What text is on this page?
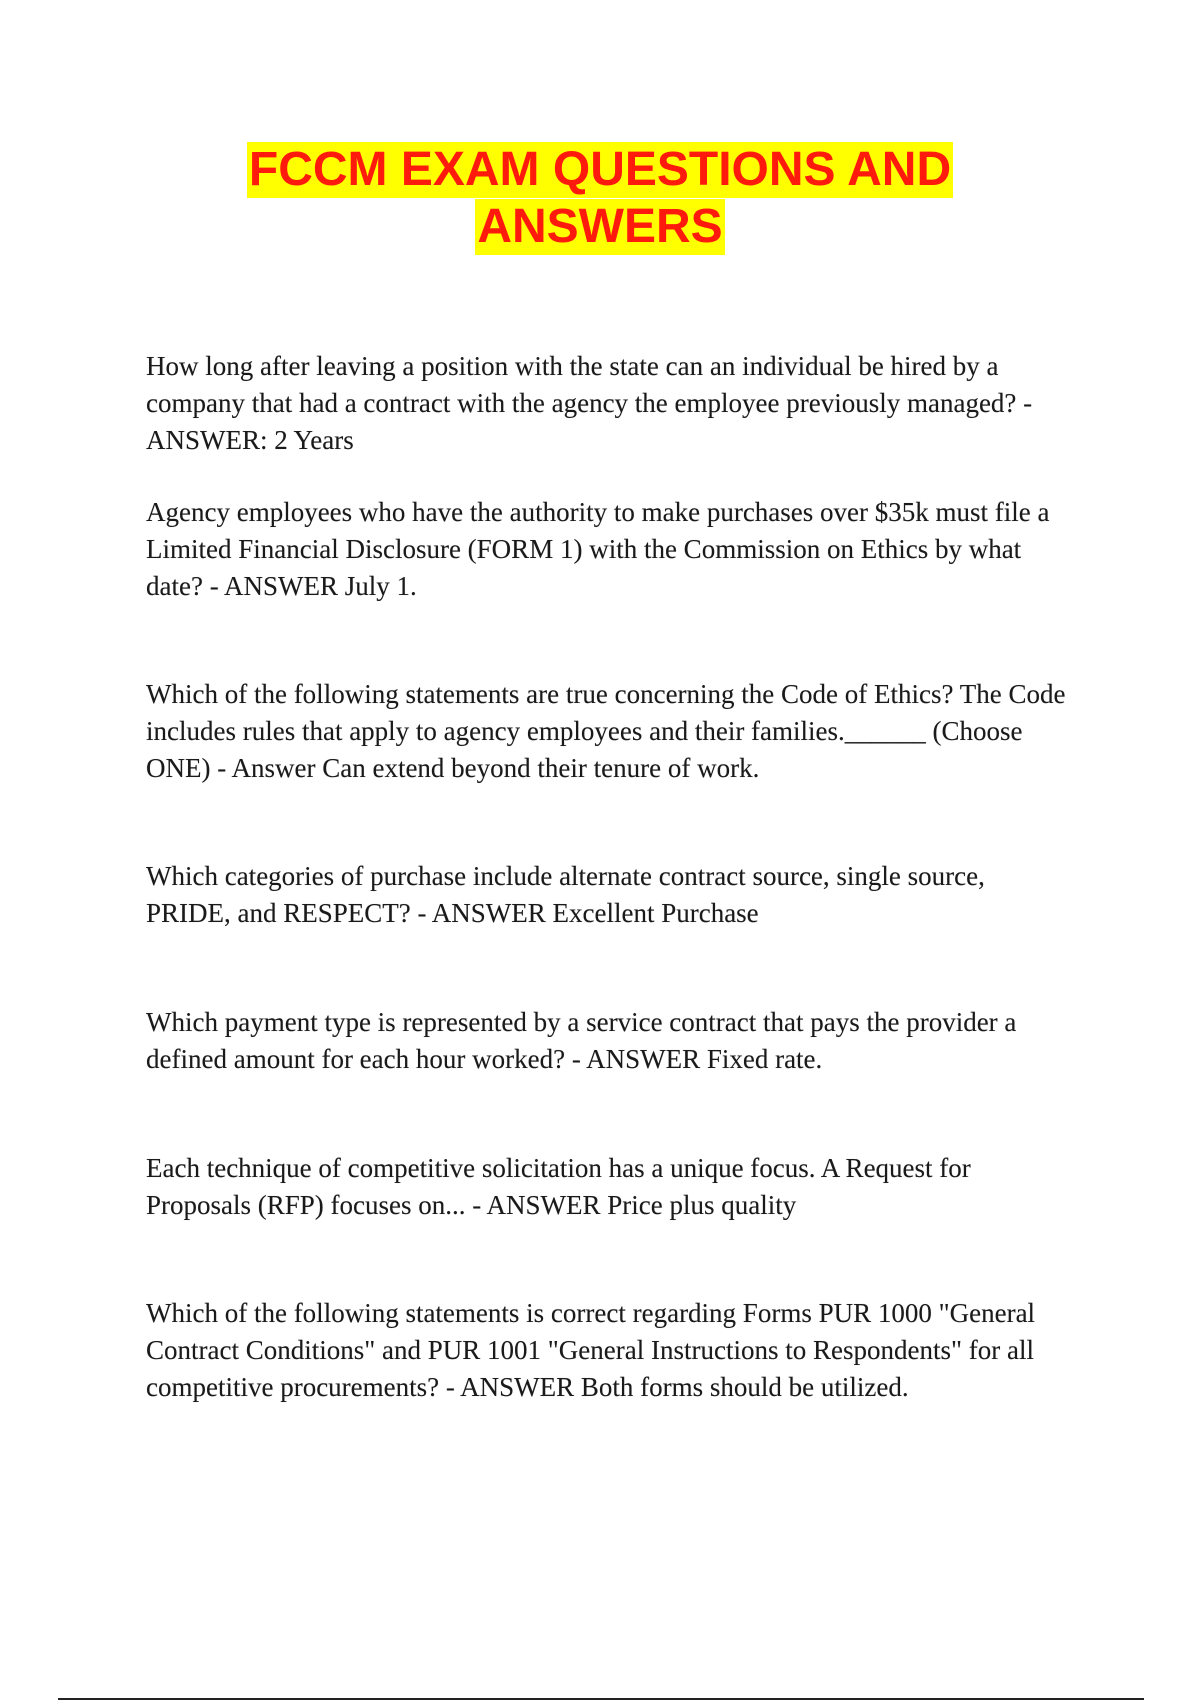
FCCM EXAM QUESTIONS AND
ANSWERS

How long after leaving a position with the state can an individual be hired by a company that had a contract with the agency the employee previously managed? - ANSWER: 2 Years

Agency employees who have the authority to make purchases over $35k must file a Limited Financial Disclosure (FORM 1) with the Commission on Ethics by what date? - ANSWER July 1.

Which of the following statements are true concerning the Code of Ethics? The Code includes rules that apply to agency employees and their families.______ (Choose ONE) - Answer Can extend beyond their tenure of work.

Which categories of purchase include alternate contract source, single source, PRIDE, and RESPECT? - ANSWER Excellent Purchase

Which payment type is represented by a service contract that pays the provider a defined amount for each hour worked? - ANSWER Fixed rate.

Each technique of competitive solicitation has a unique focus. A Request for Proposals (RFP) focuses on... - ANSWER Price plus quality

Which of the following statements is correct regarding Forms PUR 1000 "General Contract Conditions" and PUR 1001 "General Instructions to Respondents" for all competitive procurements? - ANSWER Both forms should be utilized.
